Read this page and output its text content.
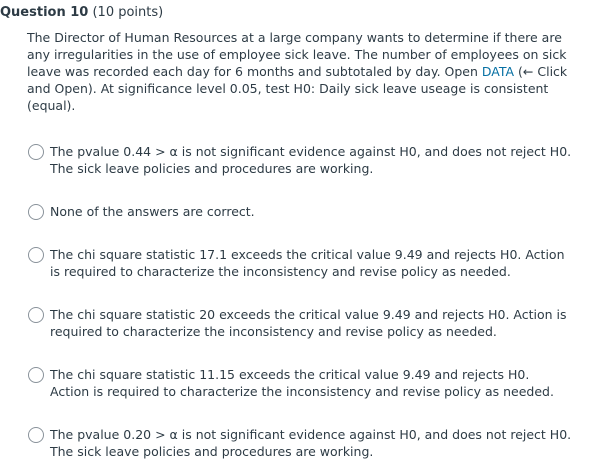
Question 10 (10 points)
The Director of Human Resources at a large company wants to determine if there are any irregularities in the use of employee sick leave. The number of employees on sick leave was recorded each day for 6 months and subtotaled by day. Open DATA (← Click and Open). At significance level 0.05, test H0: Daily sick leave useage is consistent (equal).
The pvalue 0.44 > α is not significant evidence against H0, and does not reject H0. The sick leave policies and procedures are working.
None of the answers are correct.
The chi square statistic 17.1 exceeds the critical value 9.49 and rejects H0. Action is required to characterize the inconsistency and revise policy as needed.
The chi square statistic 20 exceeds the critical value 9.49 and rejects H0. Action is required to characterize the inconsistency and revise policy as needed.
The chi square statistic 11.15 exceeds the critical value 9.49 and rejects H0. Action is required to characterize the inconsistency and revise policy as needed.
The pvalue 0.20 > α is not significant evidence against H0, and does not reject H0. The sick leave policies and procedures are working.
